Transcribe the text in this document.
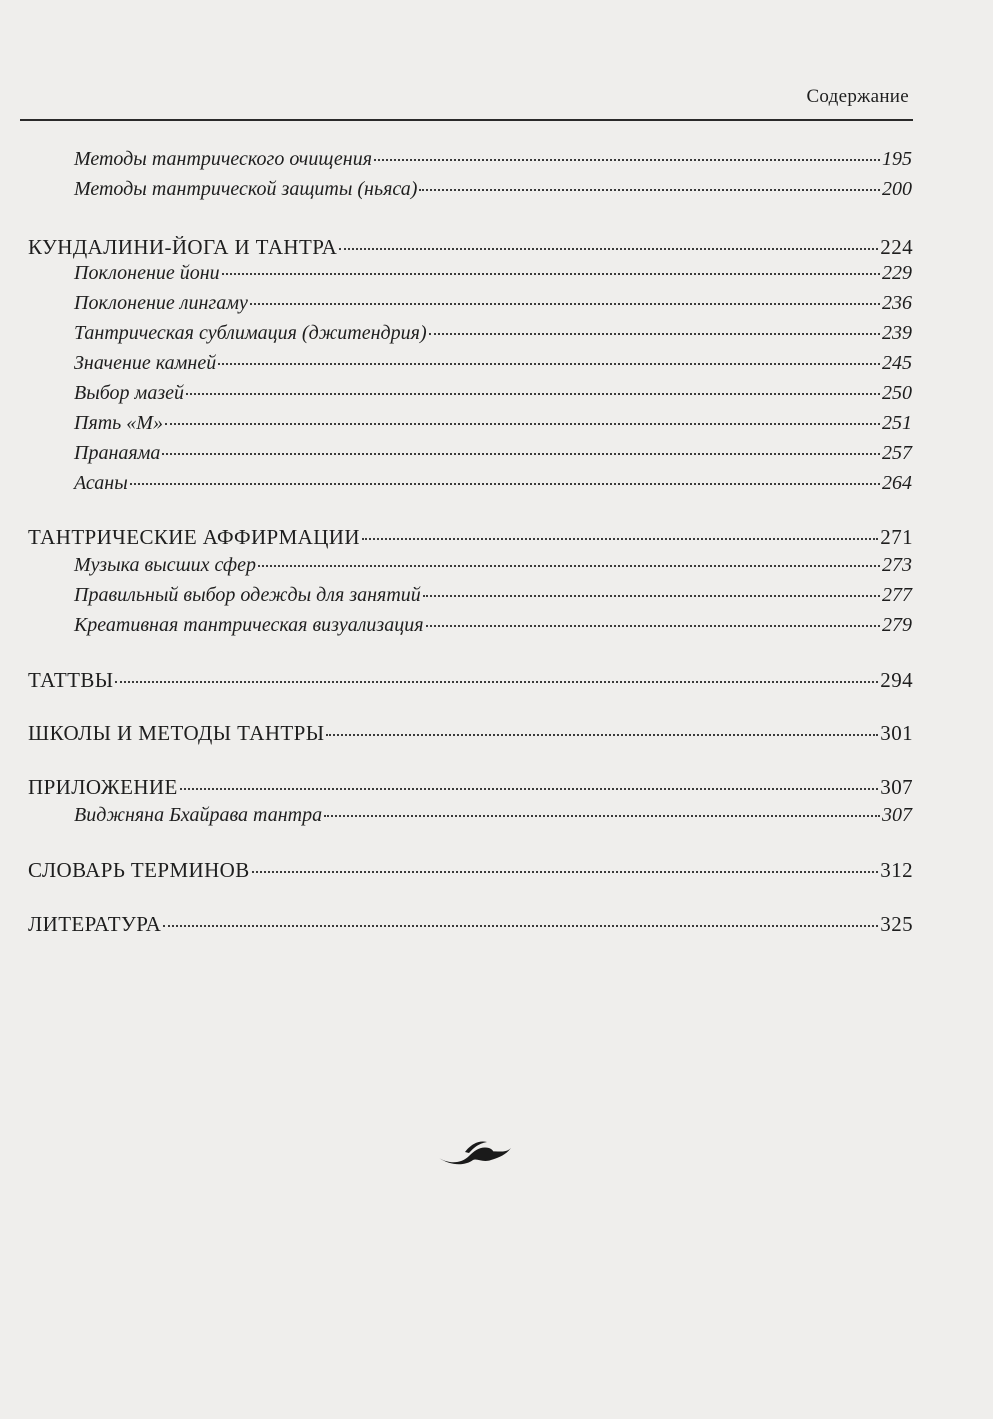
Содержание
Методы тантрического очищения	195
Методы тантрической защиты (ньяса)	200
КУНДАЛИНИ-ЙОГА И ТАНТРА	224
Поклонение йони	229
Поклонение лингаму	236
Тантрическая сублимация (джитендрия)	239
Значение камней	245
Выбор мазей	250
Пять «М»	251
Пранаяма	257
Асаны	264
ТАНТРИЧЕСКИЕ АФФИРМАЦИИ	271
Музыка высших сфер	273
Правильный выбор одежды для занятий	277
Креативная тантрическая визуализация	279
ТАТТВЫ	294
ШКОЛЫ И МЕТОДЫ ТАНТРЫ	301
ПРИЛОЖЕНИЕ	307
Виджняна Бхайрава тантра	307
СЛОВАРЬ ТЕРМИНОВ	312
ЛИТЕРАТУРА	325
